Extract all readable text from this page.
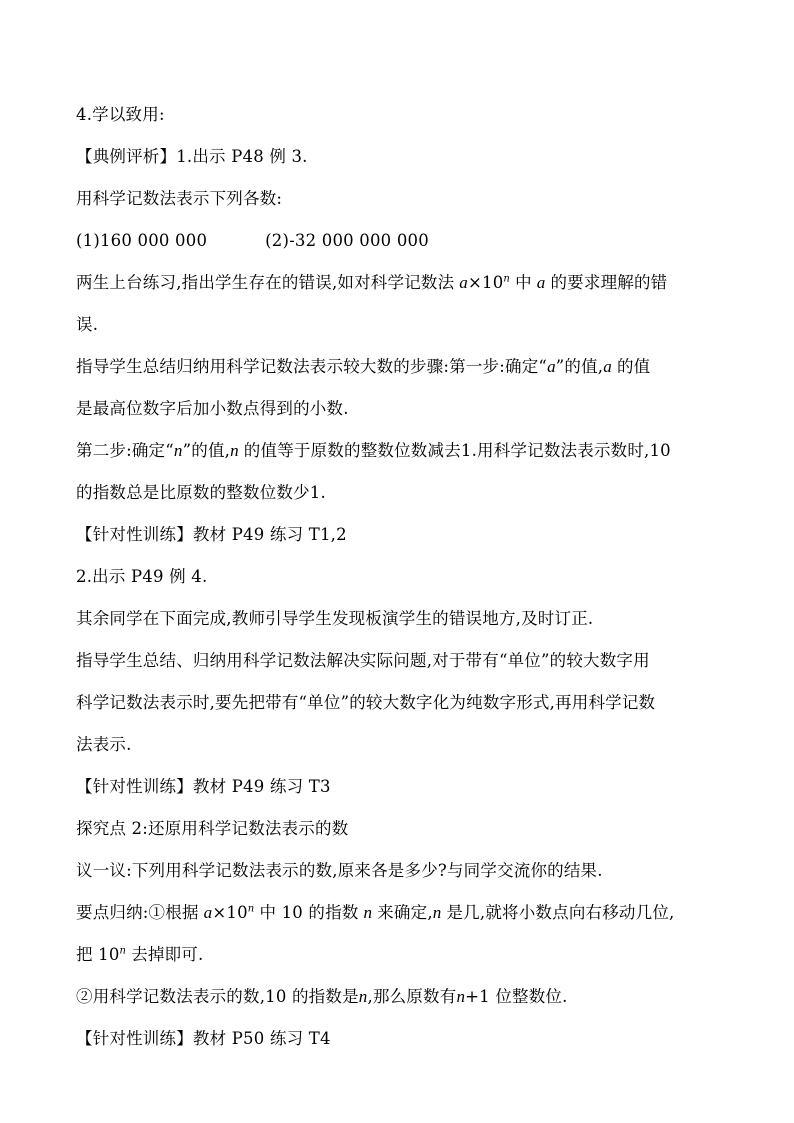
4.学以致用:
【典例评析】1.出示 P48 例 3.
用科学记数法表示下列各数:
(1)160 000 000	(2)-32 000 000 000
两生上台练习,指出学生存在的错误,如对科学记数法 $a\times 10^n$ 中 a 的要求理解的错
误.
指导学生总结归纳用科学记数法表示较大数的步骤:第一步:确定“a”的值,a 的值
是最高位数字后加小数点得到的小数.
第二步:确定“n”的值,n 的值等于原数的整数位数减去1.用科学记数法表示数时,10
的指数总是比原数的整数位数少1.
【针对性训练】教材 P49 练习 T1,2
2.出示 P49 例 4.
其余同学在下面完成,教师引导学生发现板演学生的错误地方,及时订正.
指导学生总结、归纳用科学记数法解决实际问题,对于带有“单位”的较大数字用
科学记数法表示时,要先把带有“单位”的较大数字化为纯数字形式,再用科学记数
法表示.
【针对性训练】教材 P49 练习 T3
探究点 2:还原用科学记数法表示的数
议一议:下列用科学记数法表示的数,原来各是多少?与同学交流你的结果.
要点归纳:①根据 $a\times 10^n$ 中 10 的指数 n 来确定,n 是几,就将小数点向右移动几位,
把 10$^n$ 去掉即可.
②用科学记数法表示的数,10 的指数是n,那么原数有n+1 位整数位.
【针对性训练】教材 P50 练习 T4
